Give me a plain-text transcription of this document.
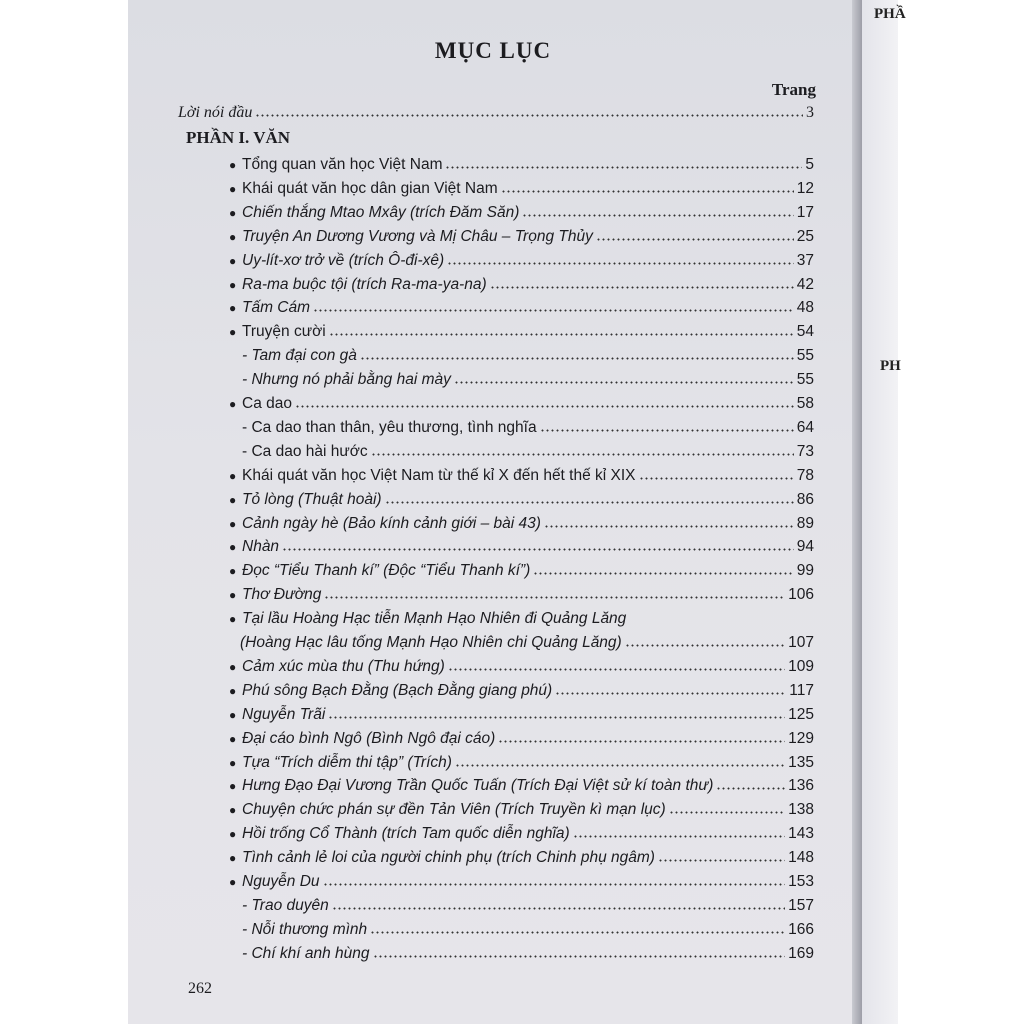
MỤC LỤC
Trang
Lời nói đầu	3
PHẦN I. VĂN
● Tổng quan văn học Việt Nam	5
● Khái quát văn học dân gian Việt Nam	12
● Chiến thắng Mtao Mxây (trích Đăm Săn)	17
● Truyện An Dương Vương và Mị Châu – Trọng Thủy	25
● Uy-lít-xơ trở về (trích Ô-đi-xê)	37
● Ra-ma buộc tội (trích Ra-ma-ya-na)	42
● Tấm Cám	48
● Truyện cười	54
- Tam đại con gà	55
- Nhưng nó phải bằng hai mày	55
● Ca dao	58
- Ca dao than thân, yêu thương, tình nghĩa	64
- Ca dao hài hước	73
● Khái quát văn học Việt Nam từ thế kỉ X đến hết thế kỉ XIX	78
● Tỏ lòng (Thuật hoài)	86
● Cảnh ngày hè (Bảo kính cảnh giới – bài 43)	89
● Nhàn	94
● Đọc “Tiểu Thanh kí” (Độc “Tiểu Thanh kí”)	99
● Thơ Đường	106
● Tại lầu Hoàng Hạc tiễn Mạnh Hạo Nhiên đi Quảng Lăng
(Hoàng Hạc lâu tống Mạnh Hạo Nhiên chi Quảng Lăng)	107
● Cảm xúc mùa thu (Thu hứng)	109
● Phú sông Bạch Đằng (Bạch Đằng giang phú)	117
● Nguyễn Trãi	125
● Đại cáo bình Ngô (Bình Ngô đại cáo)	129
● Tựa “Trích diễm thi tập” (Trích)	135
● Hưng Đạo Đại Vương Trần Quốc Tuấn (Trích Đại Việt sử kí toàn thư)	136
● Chuyện chức phán sự đền Tản Viên (Trích Truyền kì mạn lục)	138
● Hồi trống Cổ Thành (trích Tam quốc diễn nghĩa)	143
● Tình cảnh lẻ loi của người chinh phụ (trích Chinh phụ ngâm)	148
● Nguyễn Du	153
- Trao duyên	157
- Nỗi thương mình	166
- Chí khí anh hùng	169
262
PHẦ
PH
